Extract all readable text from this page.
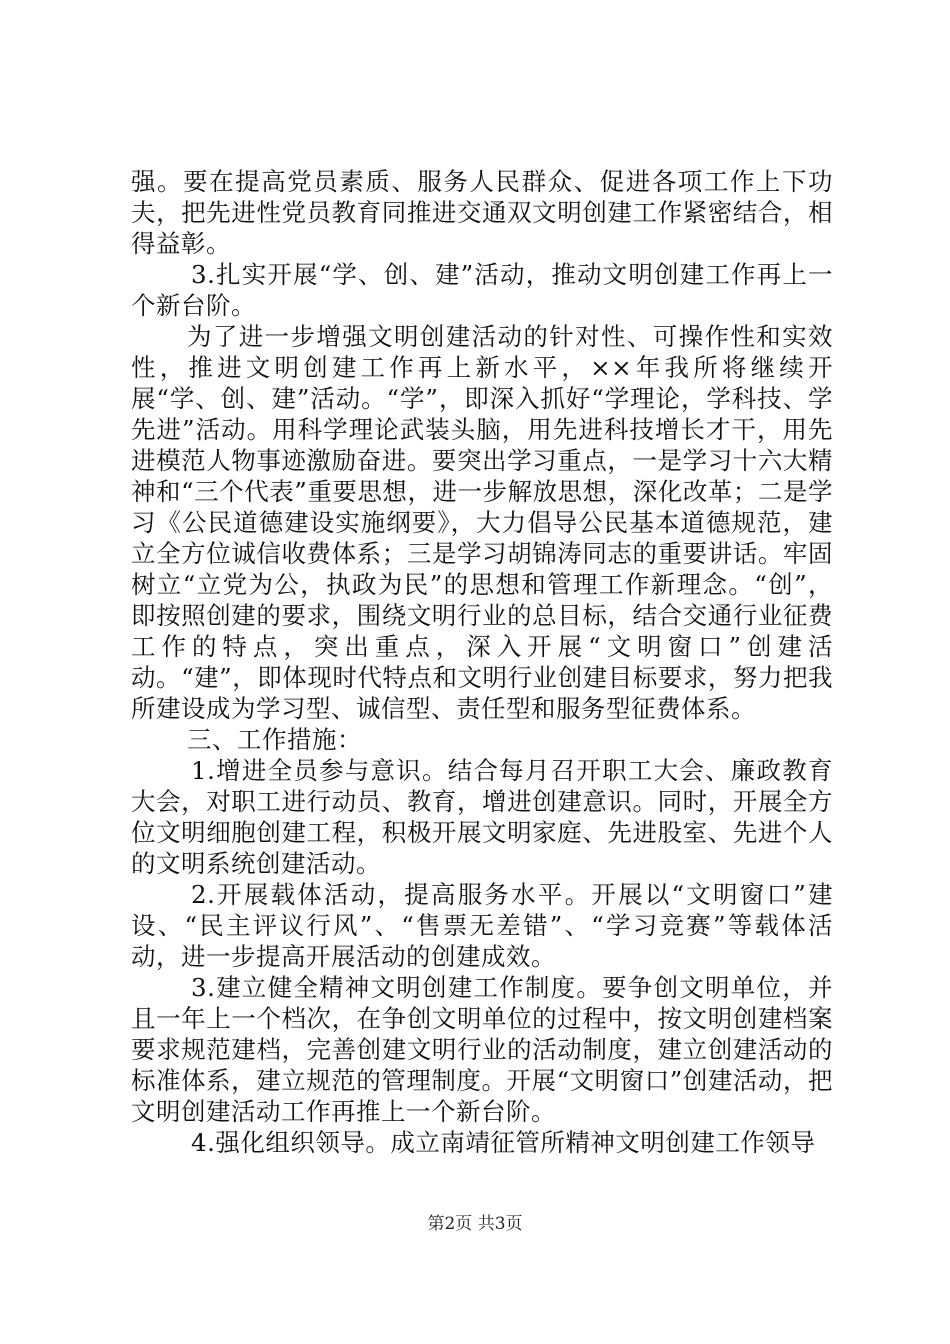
强。要在提高党员素质、服务人民群众、促进各项工作上下功夫，把先进性党员教育同推进交通双文明创建工作紧密结合，相得益彰。

3.扎实开展“学、创、建”活动，推动文明创建工作再上一个新台阶。

为了进一步增强文明创建活动的针对性、可操作性和实效性，推进文明创建工作再上新水平，××年我所将继续开展“学、创、建”活动。“学”，即深入抓好“学理论，学科技、学先进”活动。用科学理论武装头脑，用先进科技增长才干，用先进模范人物事迹激励奋进。要突出学习重点，一是学习十六大精神和“三个代表”重要思想，进一步解放思想，深化改革；二是学习《公民道德建设实施纲要》，大力倡导公民基本道德规范，建立全方位诚信收费体系；三是学习胡锦涛同志的重要讲话。牢固树立“立党为公，执政为民”的思想和管理工作新理念。“创”，即按照创建的要求，围绕文明行业的总目标，结合交通行业征费工作的特点，突出重点，深入开展“文明窗口”创建活动。“建”，即体现时代特点和文明行业创建目标要求，努力把我所建设成为学习型、诚信型、责任型和服务型征费体系。

三、工作措施：

1.增进全员参与意识。结合每月召开职工大会、廉政教育大会，对职工进行动员、教育，增进创建意识。同时，开展全方位文明细胞创建工程，积极开展文明家庭、先进股室、先进个人的文明系统创建活动。

2.开展载体活动，提高服务水平。开展以“文明窗口”建设、“民主评议行风”、“售票无差错”、“学习竞赛”等载体活动，进一步提高开展活动的创建成效。

3.建立健全精神文明创建工作制度。要争创文明单位，并且一年上一个档次，在争创文明单位的过程中，按文明创建档案要求规范建档，完善创建文明行业的活动制度，建立创建活动的标准体系，建立规范的管理制度。开展“文明窗口”创建活动，把文明创建活动工作再推上一个新台阶。

4.强化组织领导。成立南靖征管所精神文明创建工作领导

第2页 共3页
